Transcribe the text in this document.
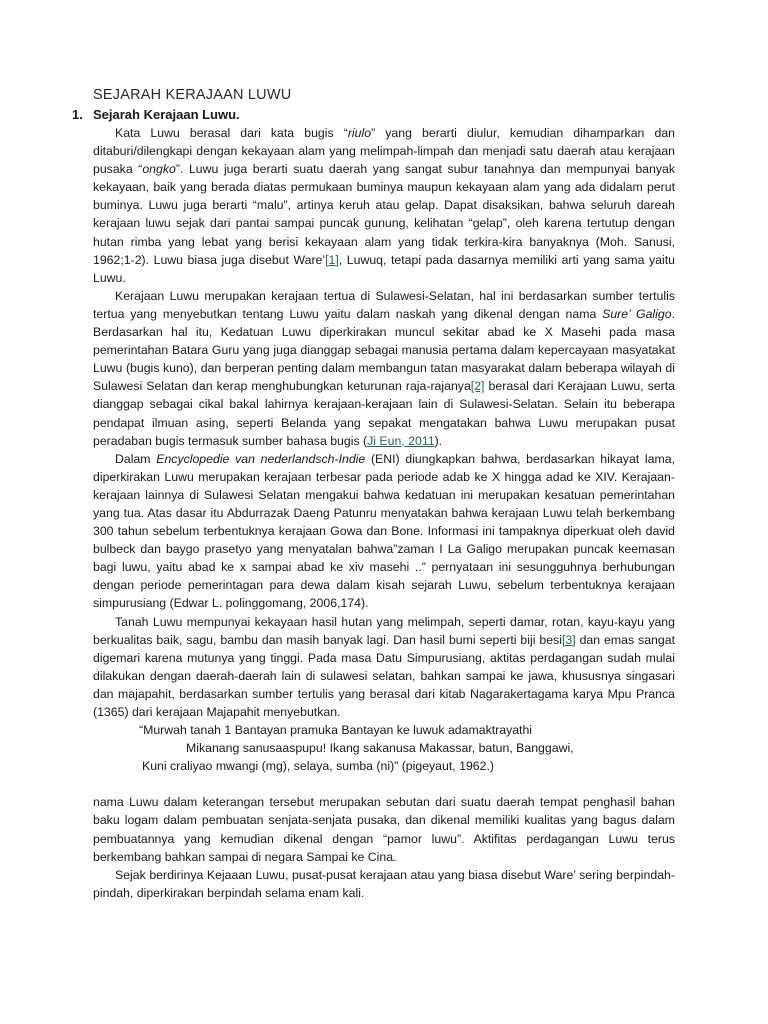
SEJARAH KERAJAAN LUWU
1. Sejarah Kerajaan Luwu.

Kata Luwu berasal dari kata bugis “riulo” yang berarti diulur, kemudian dihamparkan dan ditaburi/dilengkapi dengan kekayaan alam yang melimpah-limpah dan menjadi satu daerah atau kerajaan pusaka “ongko”. Luwu juga berarti suatu daerah yang sangat subur tanahnya dan mempunyai banyak kekayaan, baik yang berada diatas permukaan buminya maupun kekayaan alam yang ada didalam perut buminya. Luwu juga berarti “malu”, artinya keruh atau gelap. Dapat disaksikan, bahwa seluruh dareah kerajaan luwu sejak dari pantai sampai puncak gunung, kelihatan “gelap”, oleh karena tertutup dengan hutan rimba yang lebat yang berisi kekayaan alam yang tidak terkira-kira banyaknya (Moh. Sanusi, 1962;1-2). Luwu biasa juga disebut Ware’[1], Luwuq, tetapi pada dasarnya memiliki arti yang sama yaitu Luwu.

Kerajaan Luwu merupakan kerajaan tertua di Sulawesi-Selatan, hal ini berdasarkan sumber tertulis tertua yang menyebutkan tentang Luwu yaitu dalam naskah yang dikenal dengan nama Sure’ Galigo. Berdasarkan hal itu, Kedatuan Luwu diperkirakan muncul sekitar abad ke X Masehi pada masa pemerintahan Batara Guru yang juga dianggap sebagai manusia pertama dalam kepercayaan masyatakat Luwu (bugis kuno), dan berperan penting dalam membangun tatan masyarakat dalam beberapa wilayah di Sulawesi Selatan dan kerap menghubungkan keturunan raja-rajanya[2] berasal dari Kerajaan Luwu, serta dianggap sebagai cikal bakal lahirnya kerajaan-kerajaan lain di Sulawesi-Selatan. Selain itu beberapa pendapat ilmuan asing, seperti Belanda yang sepakat mengatakan bahwa Luwu merupakan pusat peradaban bugis termasuk sumber bahasa bugis (Ji Eun, 2011).

Dalam Encyclopedie van nederlandsch-Indie (ENI) diungkapkan bahwa, berdasarkan hikayat lama, diperkirakan Luwu merupakan kerajaan terbesar pada periode adab ke X hingga adad ke XIV. Kerajaan-kerajaan lainnya di Sulawesi Selatan mengakui bahwa kedatuan ini merupakan kesatuan pemerintahan yang tua. Atas dasar itu Abdurrazak Daeng Patunru menyatakan bahwa kerajaan Luwu telah berkembang 300 tahun sebelum terbentuknya kerajaan Gowa dan Bone. Informasi ini tampaknya diperkuat oleh david bulbeck dan baygo prasetyo yang menyatalan bahwa”zaman I La Galigo merupakan puncak keemasan bagi luwu, yaitu abad ke x sampai abad ke xiv masehi ..” pernyataan ini sesungguhnya berhubungan dengan periode pemerintagan para dewa dalam kisah sejarah Luwu, sebelum terbentuknya kerajaan simpurusiang (Edwar L. polinggomang, 2006,174).

Tanah Luwu mempunyai kekayaan hasil hutan yang melimpah, seperti damar, rotan, kayu-kayu yang berkualitas baik, sagu, bambu dan masih banyak lagi. Dan hasil bumi seperti biji besi[3] dan emas sangat digemari karena mutunya yang tinggi. Pada masa Datu Simpurusiang, aktitas perdagangan sudah mulai dilakukan dengan daerah-daerah lain di sulawesi selatan, bahkan sampai ke jawa, khususnya singasari dan majapahit, berdasarkan sumber tertulis yang berasal dari kitab Nagarakertagama karya Mpu Pranca (1365) dari kerajaan Majapahit menyebutkan.

“Murwah tanah 1 Bantayan pramuka Bantayan ke luwuk adamaktrayathi

Mikanang sanusaaspupu! Ikang sakanusa Makassar, batun, Banggawi,

Kuni craliyao mwangi (mg), selaya, sumba (ni)” (pigeyaut, 1962.)

nama Luwu dalam keterangan tersebut merupakan sebutan dari suatu daerah tempat penghasil bahan baku logam dalam pembuatan senjata-senjata pusaka, dan dikenal memiliki kualitas yang bagus dalam pembuatannya yang kemudian dikenal dengan “pamor luwu”. Aktifitas perdagangan Luwu terus berkembang bahkan sampai di negara Sampai ke Cina.

Sejak berdirinya Kejaaan Luwu, pusat-pusat kerajaan atau yang biasa disebut Ware’ sering berpindah-pindah, diperkirakan berpindah selama enam kali.
